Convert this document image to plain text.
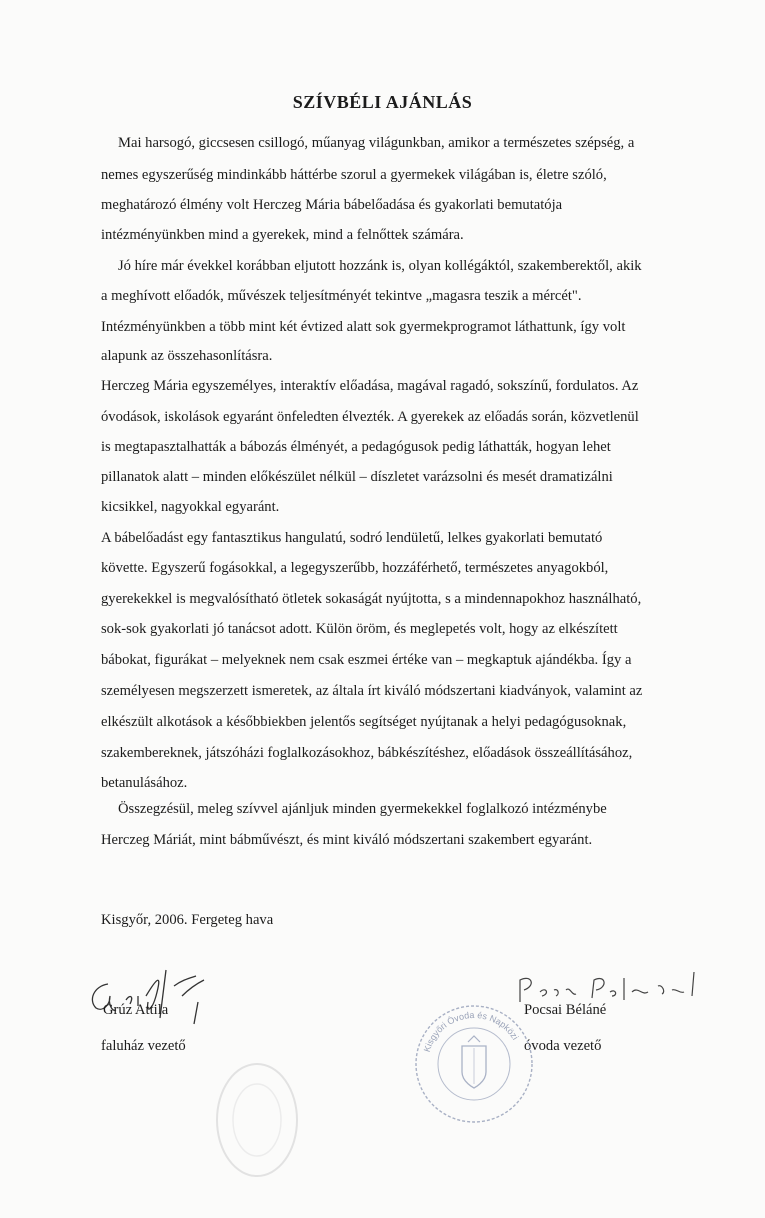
SZÍVBÉLI AJÁNLÁS
Mai harsogó, giccsesen csillogó, műanyag világunkban, amikor a természetes szépség, a
nemes egyszerűség mindinkább háttérbe szorul a gyermekek világában is, életre szóló,
meghatározó élmény volt Herczeg Mária bábelőadása és gyakorlati bemutatója
intézményünkben mind a gyerekek, mind a felnőttek számára.
Jó híre már évekkel korábban eljutott hozzánk is, olyan kollégáktól, szakemberektől, akik
a meghívott előadók, művészek teljesítményét tekintve „magasra teszik a mércét".
Intézményünkben a több mint két évtized alatt sok gyermekprogramot láthattunk, így volt
alapunk az összehasonlításra.
Herczeg Mária egyszemélyes, interaktív előadása, magával ragadó, sokszínű, fordulatos. Az
óvodások, iskolások egyaránt önfeledten élvezték. A gyerekek az előadás során, közvetlenül
is megtapasztalhatták a bábozás élményét, a pedagógusok pedig láthatták, hogyan lehet
pillanatok alatt – minden előkészület nélkül – díszletet varázsolni és mesét dramatizálni
kicsikkel, nagyokkal egyaránt.
A bábelőadást egy fantasztikus hangulatú, sodró lendületű, lelkes gyakorlati bemutató
követte. Egyszerű fogásokkal, a legegyszerűbb, hozzáférhető, természetes anyagokból,
gyerekekkel is megvalósítható ötletek sokaságát nyújtotta, s a mindennapokhoz használható,
sok-sok gyakorlati jó tanácsot adott. Külön öröm, és meglepetés volt, hogy az elkészített
bábokat, figurákat – melyeknek nem csak eszmei értéke van – megkaptuk ajándékba. Így a
személyesen megszerzett ismeretek, az általa írt kiváló módszertani kiadványok, valamint az
elkészült alkotások a későbbiekben jelentős segítséget nyújtanak a helyi pedagógusoknak,
szakembereknek, játszóházi foglalkozásokhoz, bábkészítéshez, előadások összeállításához,
betanulásához.
Összegzésül, meleg szívvel ajánljuk minden gyermekekkel foglalkozó intézménybe
Herczeg Máriát, mint bábművészt, és mint kiváló módszertani szakembert egyaránt.
Kisgyőr, 2006. Fergeteg hava
Grúz Attila
faluház vezető
Pocsai Béláné
óvoda vezető
Kisgyőri Óvoda és Napközi
